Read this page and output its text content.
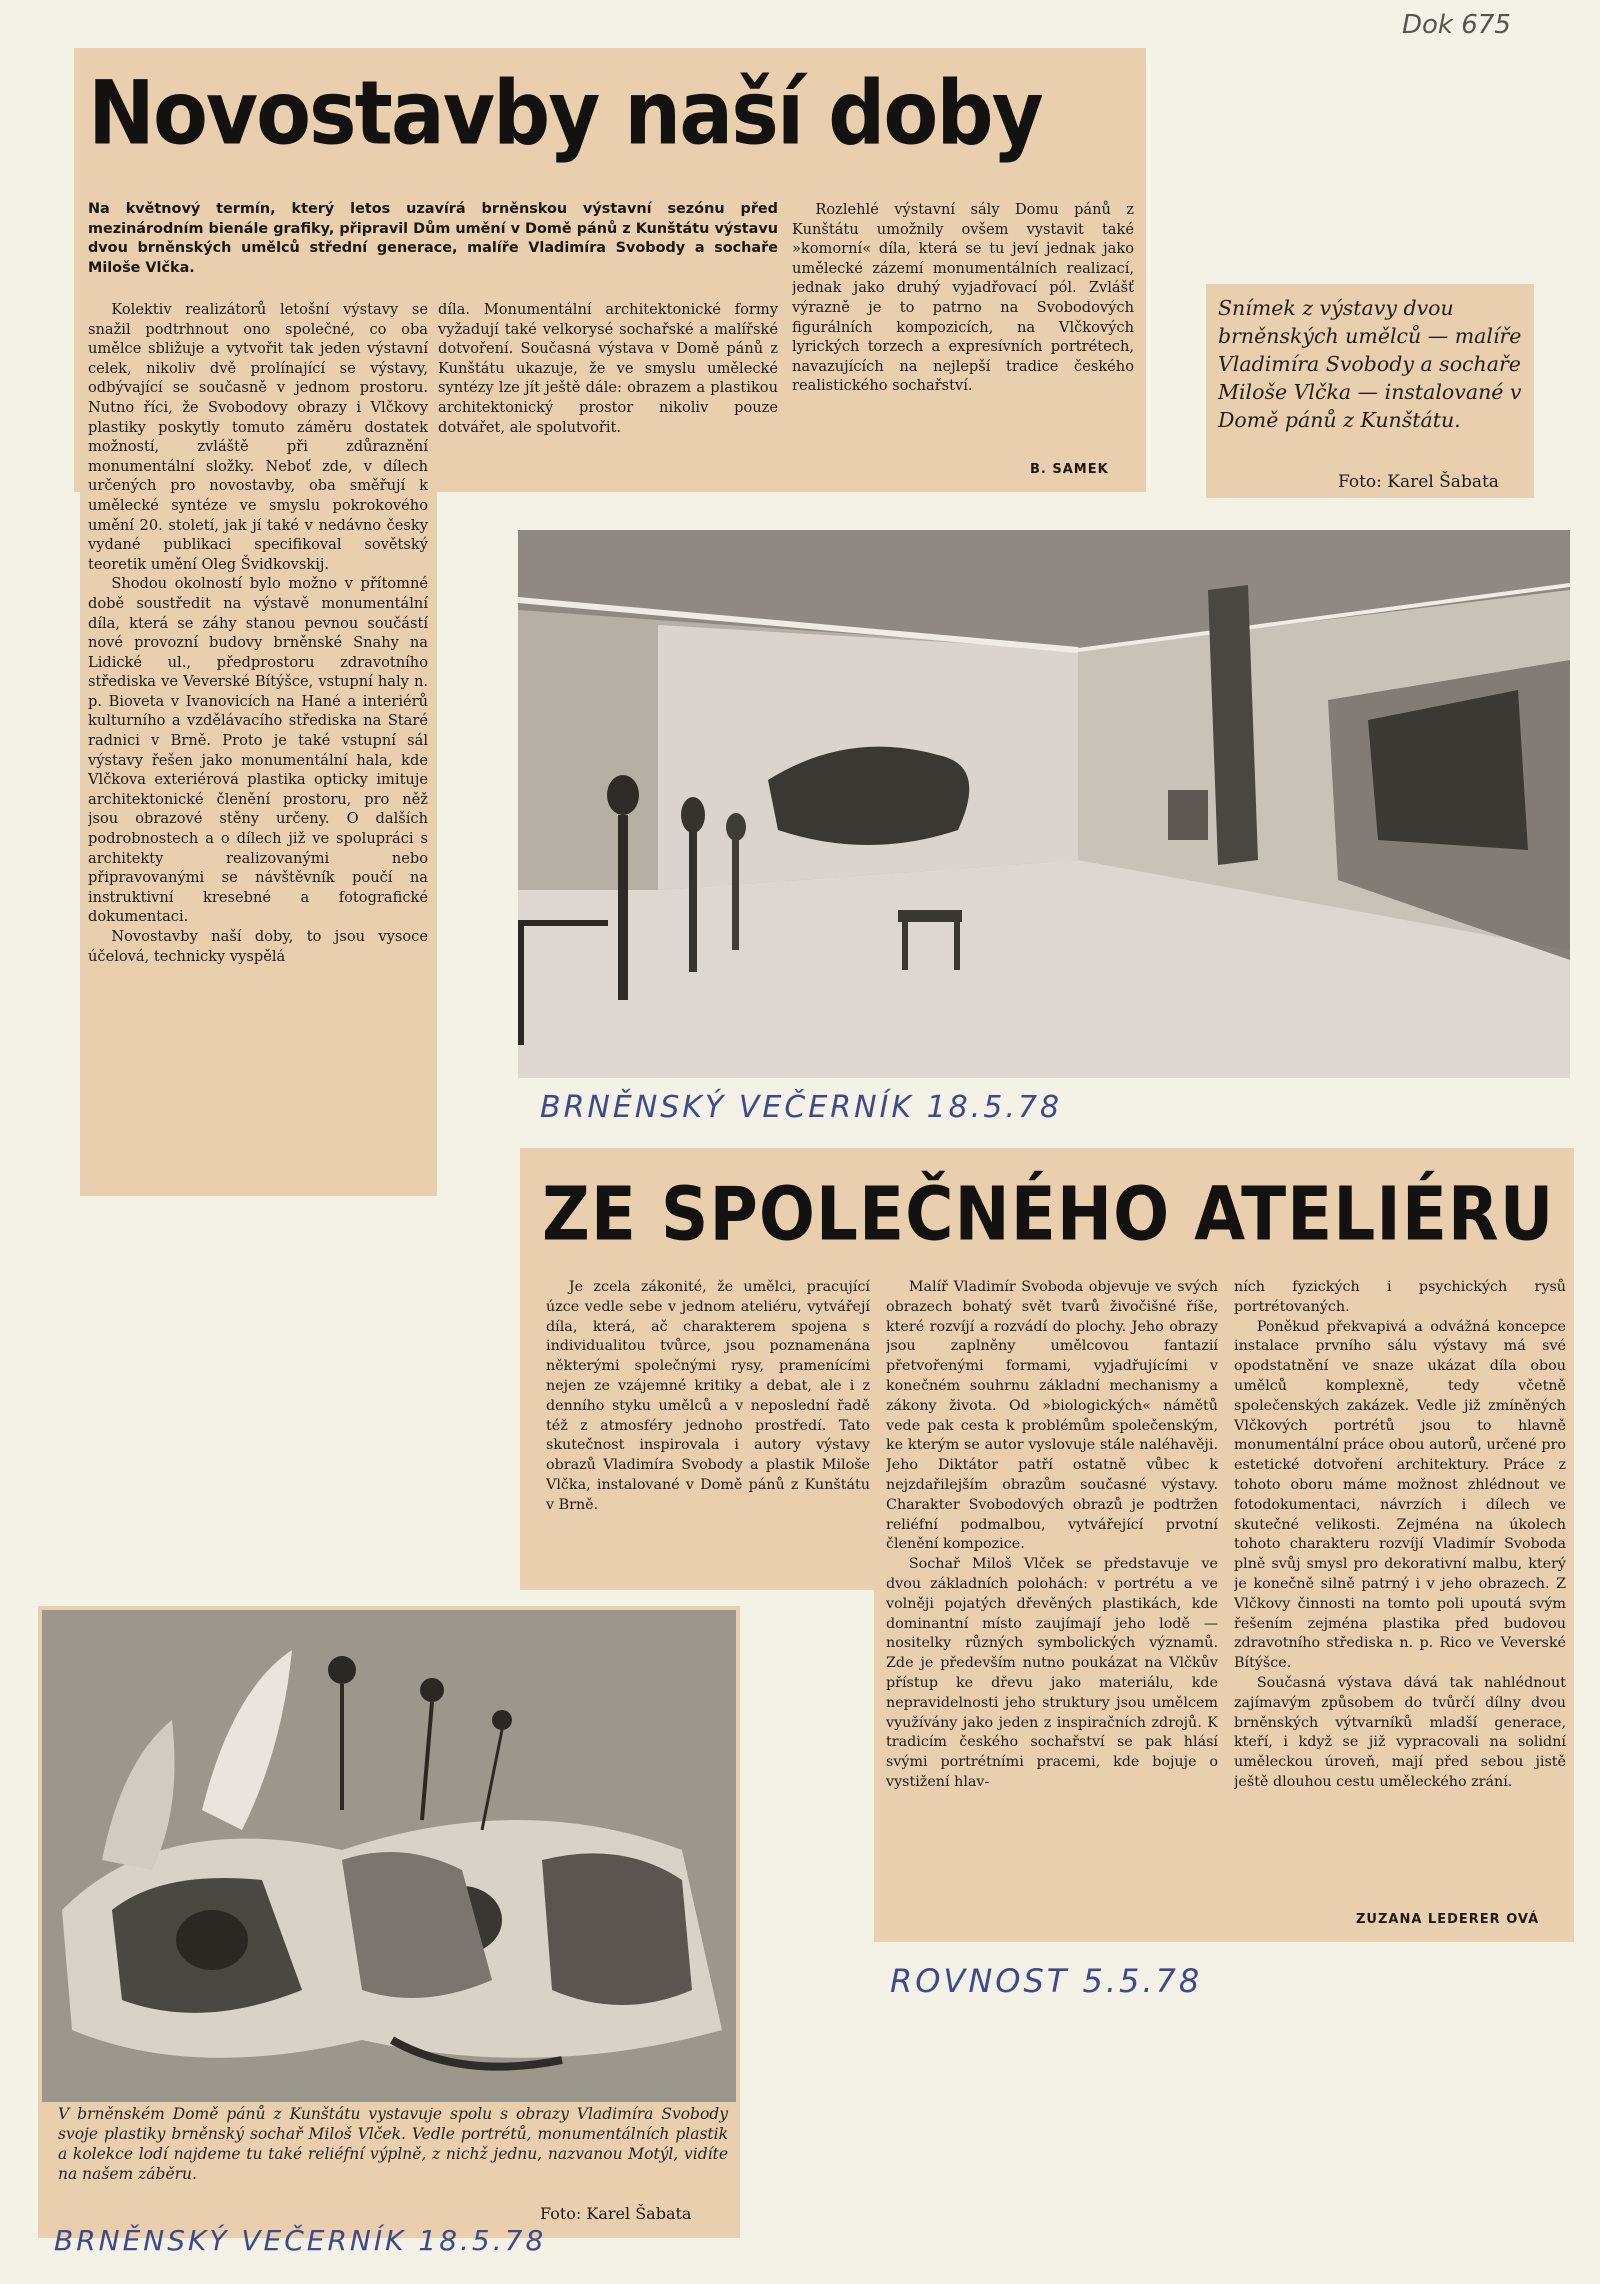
Dok 675
Novostavby naší doby

Na květnový termín, který letos uzavírá brněnskou výstavní sezónu před mezinárodním bienále grafiky, připravil Dům umění v Domě pánů z Kunštátu výstavu dvou brněnských umělců střední generace, malíře Vladimíra Svobody a sochaře Miloše Vlčka.

Kolektiv realizátorů letošní výstavy se snažil podtrhnout ono společné, co oba umělce sbližuje a vytvořit tak jeden výstavní celek, nikoliv dvě prolínající se výstavy, odbývající se současně v jednom prostoru. Nutno říci, že Svobodovy obrazy i Vlčkovy plastiky poskytly tomuto záměru dostatek možností, zvláště při zdůraznění monumentální složky. Neboť zde, v dílech určených pro novostavby, oba směřují k umělecké syntéze ve smyslu pokrokového umění 20. století, jak jí také v nedávno česky vydané publikaci specifikoval sovětský teoretik umění Oleg Švidkovskij.

Shodou okolností bylo možno v přítomné době soustředit na výstavě monumentální díla, která se záhy stanou pevnou součástí nové provozní budovy brněnské Snahy na Lidické ul., předprostoru zdravotního střediska ve Veverské Bítýšce, vstupní haly n. p. Bioveta v Ivanovicích na Hané a interiérů kulturního a vzdělávacího střediska na Staré radnici v Brně. Proto je také vstupní sál výstavy řešen jako monumentální hala, kde Vlčkova exteriérová plastika opticky imituje architektonické členění prostoru, pro něž jsou obrazové stěny určeny. O dalších podrobnostech a o dílech již ve spolupráci s architekty realizovanými nebo připravovanými se návštěvník poučí na instruktivní kresebné a fotografické dokumentaci.

Novostavby naší doby, to jsou vysoce účelová, technicky vyspělá

díla. Monumentální architektonické formy vyžadují také velkorysé sochařské a malířské dotvoření. Současná výstava v Domě pánů z Kunštátu ukazuje, že ve smyslu umělecké syntézy lze jít ještě dále: obrazem a plastikou architektonický prostor nikoliv pouze dotvářet, ale spolutvořit.

Rozlehlé výstavní sály Domu pánů z Kunštátu umožnily ovšem vystavit také »komorní« díla, která se tu jeví jednak jako umělecké zázemí monumentálních realizací, jednak jako druhý vyjadřovací pól. Zvlášť výrazně je to patrno na Svobodových figurálních kompozicích, na Vlčkových lyrických torzech a expresívních portrétech, navazujících na nejlepší tradice českého realistického sochařství.

B. SAMEK

Snímek z výstavy dvou brněnských umělců — malíře Vladimíra Svobody a sochaře Miloše Vlčka — instalované v Domě pánů z Kunštátu.

Foto: Karel Šabata
BRNĚNSKÝ VEČERNÍK 18.5.78
ZE SPOLEČNÉHO ATELIÉRU

Je zcela zákonité, že umělci, pracující úzce vedle sebe v jednom ateliéru, vytvářejí díla, která, ač charakterem spojena s individualitou tvůrce, jsou poznamenána některými společnými rysy, pramenícími nejen ze vzájemné kritiky a debat, ale i z denního styku umělců a v neposlední řadě též z atmosféry jednoho prostředí. Tato skutečnost inspirovala i autory výstavy obrazů Vladimíra Svobody a plastik Miloše Vlčka, instalované v Domě pánů z Kunštátu v Brně.

Malíř Vladimír Svoboda objevuje ve svých obrazech bohatý svět tvarů živočišné říše, které rozvíjí a rozvádí do plochy. Jeho obrazy jsou zaplněny umělcovou fantazií přetvořenými formami, vyjadřujícími v konečném souhrnu základní mechanismy a zákony života. Od »biologických« námětů vede pak cesta k problémům společenským, ke kterým se autor vyslovuje stále naléhavěji. Jeho Diktátor patří ostatně vůbec k nejzdařilejším obrazům současné výstavy. Charakter Svobodových obrazů je podtržen reliéfní podmalbou, vytvářející prvotní členění kompozice.

Sochař Miloš Vlček se představuje ve dvou základních polohách: v portrétu a ve volněji pojatých dřevěných plastikách, kde dominantní místo zaujímají jeho lodě — nositelky různých symbolických významů. Zde je především nutno poukázat na Vlčkův přístup ke dřevu jako materiálu, kde nepravidelnosti jeho struktury jsou umělcem využívány jako jeden z inspiračních zdrojů. K tradicím českého sochařství se pak hlásí svými portrétními pracemi, kde bojuje o vystižení hlav-

ních fyzických i psychických rysů portrétovaných.

Poněkud překvapivá a odvážná koncepce instalace prvního sálu výstavy má své opodstatnění ve snaze ukázat díla obou umělců komplexně, tedy včetně společenských zakázek. Vedle již zmíněných Vlčkových portrétů jsou to hlavně monumentální práce obou autorů, určené pro estetické dotvoření architektury. Práce z tohoto oboru máme možnost zhlédnout ve fotodokumentaci, návrzích i dílech ve skutečné velikosti. Zejména na úkolech tohoto charakteru rozvíjí Vladimír Svoboda plně svůj smysl pro dekorativní malbu, který je konečně silně patrný i v jeho obrazech. Z Vlčkovy činnosti na tomto poli upoutá svým řešením zejména plastika před budovou zdravotního střediska n. p. Rico ve Veverské Bítýšce.

Současná výstava dává tak nahlédnout zajímavým způsobem do tvůrčí dílny dvou brněnských výtvarníků mladší generace, kteří, i když se již vypracovali na solidní uměleckou úroveň, mají před sebou jistě ještě dlouhou cestu uměleckého zrání.

ZUZANA LEDERER OVÁ
ROVNOST 5.5.78

V brněnském Domě pánů z Kunštátu vystavuje spolu s obrazy Vladimíra Svobody svoje plastiky brněnský sochař Miloš Vlček. Vedle portrétů, monumentálních plastik a kolekce lodí najdeme tu také reliéfní výplně, z nichž jednu, nazvanou Motýl, vidíte na našem záběru.

Foto: Karel Šabata
BRNĚNSKÝ VEČERNÍK 18.5.78
